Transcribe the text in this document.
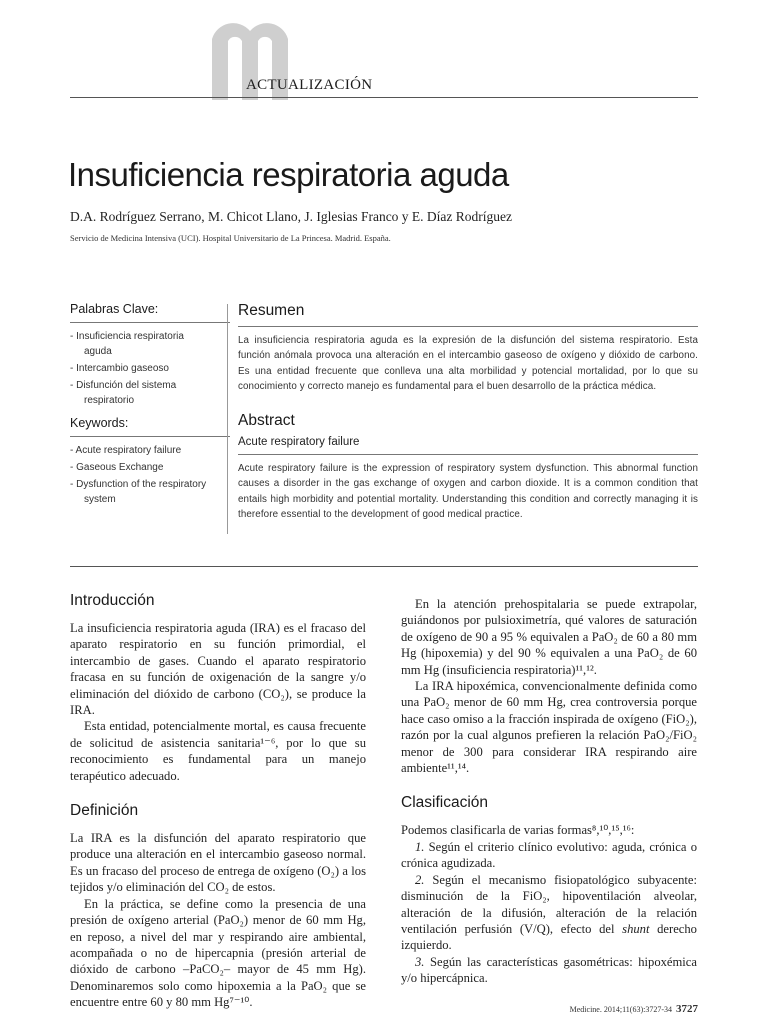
ACTUALIZACIÓN
Insuficiencia respiratoria aguda
D.A. Rodríguez Serrano, M. Chicot Llano, J. Iglesias Franco y E. Díaz Rodríguez
Servicio de Medicina Intensiva (UCI). Hospital Universitario de La Princesa. Madrid. España.
Palabras Clave:
- Insuficiencia respiratoria
aguda
- Intercambio gaseoso
- Disfunción del sistema
respiratorio
Keywords:
- Acute respiratory failure
- Gaseous Exchange
- Dysfunction of the respiratory
system
Resumen

La insuficiencia respiratoria aguda es la expresión de la disfunción del sistema respiratorio. Esta función anómala provoca una alteración en el intercambio gaseoso de oxígeno y dióxido de carbono. Es una entidad frecuente que conlleva una alta morbilidad y potencial mortalidad, por lo que su conocimiento y correcto manejo es fundamental para el buen desarrollo de la práctica médica.

Abstract
Acute respiratory failure

Acute respiratory failure is the expression of respiratory system dysfunction. This abnormal function causes a disorder in the gas exchange of oxygen and carbon dioxide. It is a common condition that entails high morbidity and potential mortality. Understanding this condition and correctly managing it is therefore essential to the development of good medical practice.

Introducción

La insuficiencia respiratoria aguda (IRA) es el fracaso del aparato respiratorio en su función primordial, el intercambio de gases. Cuando el aparato respiratorio fracasa en su función de oxigenación de la sangre y/o eliminación del dióxido de carbono (CO₂), se produce la IRA.

Esta entidad, potencialmente mortal, es causa frecuente de solicitud de asistencia sanitaria¹⁻⁶, por lo que su reconocimiento es fundamental para un manejo terapéutico adecuado.

Definición

La IRA es la disfunción del aparato respiratorio que produce una alteración en el intercambio gaseoso normal. Es un fracaso del proceso de entrega de oxígeno (O₂) a los tejidos y/o eliminación del CO₂ de estos.

En la práctica, se define como la presencia de una presión de oxígeno arterial (PaO₂) menor de 60 mm Hg, en reposo, a nivel del mar y respirando aire ambiental, acompañada o no de hipercapnia (presión arterial de dióxido de carbono –PaCO₂– mayor de 45 mm Hg). Denominaremos solo como hipoxemia a la PaO₂ que se encuentre entre 60 y 80 mm Hg⁷⁻¹⁰.

En la atención prehospitalaria se puede extrapolar, guiándonos por pulsioximetría, qué valores de saturación de oxígeno de 90 a 95 % equivalen a PaO₂ de 60 a 80 mm Hg (hipoxemia) y del 90 % equivalen a una PaO₂ de 60 mm Hg (insuficiencia respiratoria)¹¹,¹².

La IRA hipoxémica, convencionalmente definida como una PaO₂ menor de 60 mm Hg, crea controversia porque hace caso omiso a la fracción inspirada de oxígeno (FiO₂), razón por la cual algunos prefieren la relación PaO₂/FiO₂ menor de 300 para considerar IRA respirando aire ambiente¹¹,¹⁴.

Clasificación

Podemos clasificarla de varias formas⁸,¹⁰,¹⁵,¹⁶:

1. Según el criterio clínico evolutivo: aguda, crónica o crónica agudizada.
2. Según el mecanismo fisiopatológico subyacente: disminución de la FiO₂, hipoventilación alveolar, alteración de la difusión, alteración de la relación ventilación perfusión (V/Q), efecto del shunt derecho izquierdo.
3. Según las características gasométricas: hipoxémica y/o hipercápnica.
Medicine. 2014;11(63):3727-34 3727
